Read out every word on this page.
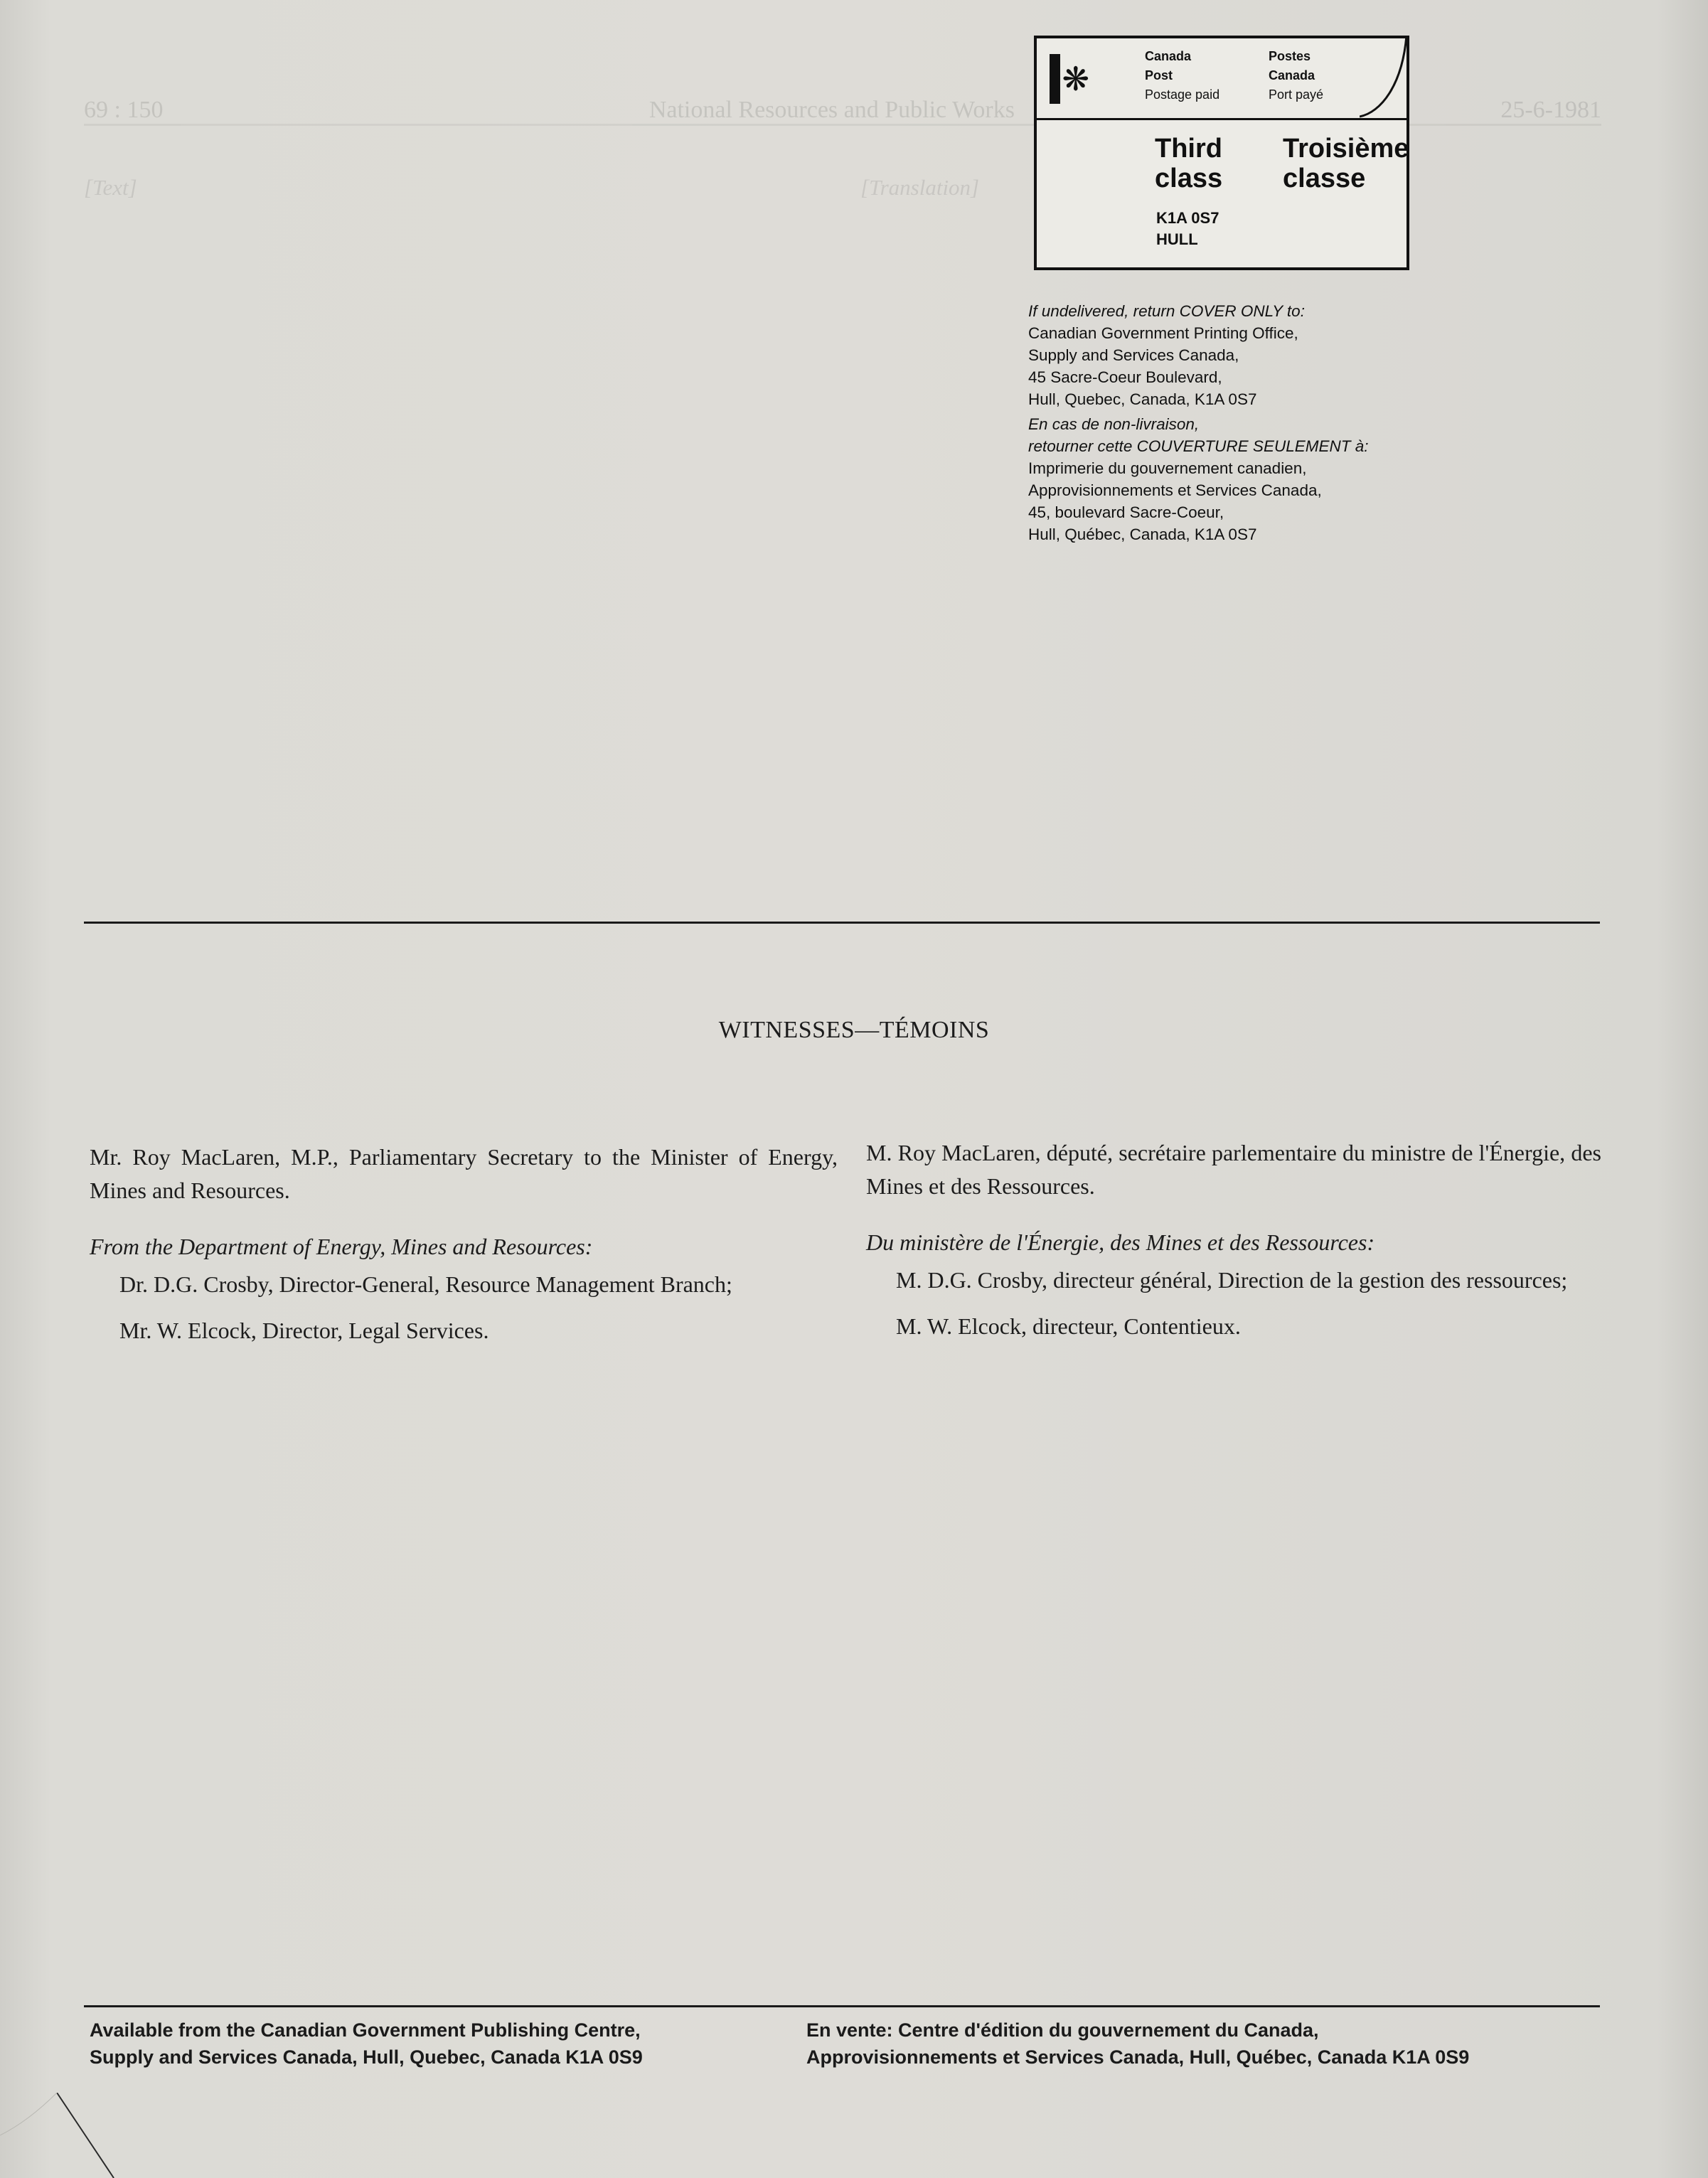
69 : 150	National Resources and Public Works	25-6-1981

[Text]	[Translation]

❋
Canada
Post
Postage paid
Postes
Canada
Port payé
Third
class
Troisième
classe
K1A 0S7
HULL
If undelivered, return COVER ONLY to:
Canadian Government Printing Office,
Supply and Services Canada,
45 Sacre-Coeur Boulevard,
Hull, Quebec, Canada, K1A 0S7
En cas de non-livraison,
retourner cette COUVERTURE SEULEMENT à:
Imprimerie du gouvernement canadien,
Approvisionnements et Services Canada,
45, boulevard Sacre-Coeur,
Hull, Québec, Canada, K1A 0S7
WITNESSES—TÉMOINS

Mr. Roy MacLaren, M.P., Parliamentary Secretary to the Minister of Energy, Mines and Resources.

From the Department of Energy, Mines and Resources:

Dr. D.G. Crosby, Director-General, Resource Management Branch;

Mr. W. Elcock, Director, Legal Services.

M. Roy MacLaren, député, secrétaire parlementaire du ministre de l'Énergie, des Mines et des Ressources.

Du ministère de l'Énergie, des Mines et des Ressources:

M. D.G. Crosby, directeur général, Direction de la gestion des ressources;

M. W. Elcock, directeur, Contentieux.

Available from the Canadian Government Publishing Centre,
Supply and Services Canada, Hull, Quebec, Canada K1A 0S9
En vente: Centre d'édition du gouvernement du Canada,
Approvisionnements et Services Canada, Hull, Québec, Canada K1A 0S9
